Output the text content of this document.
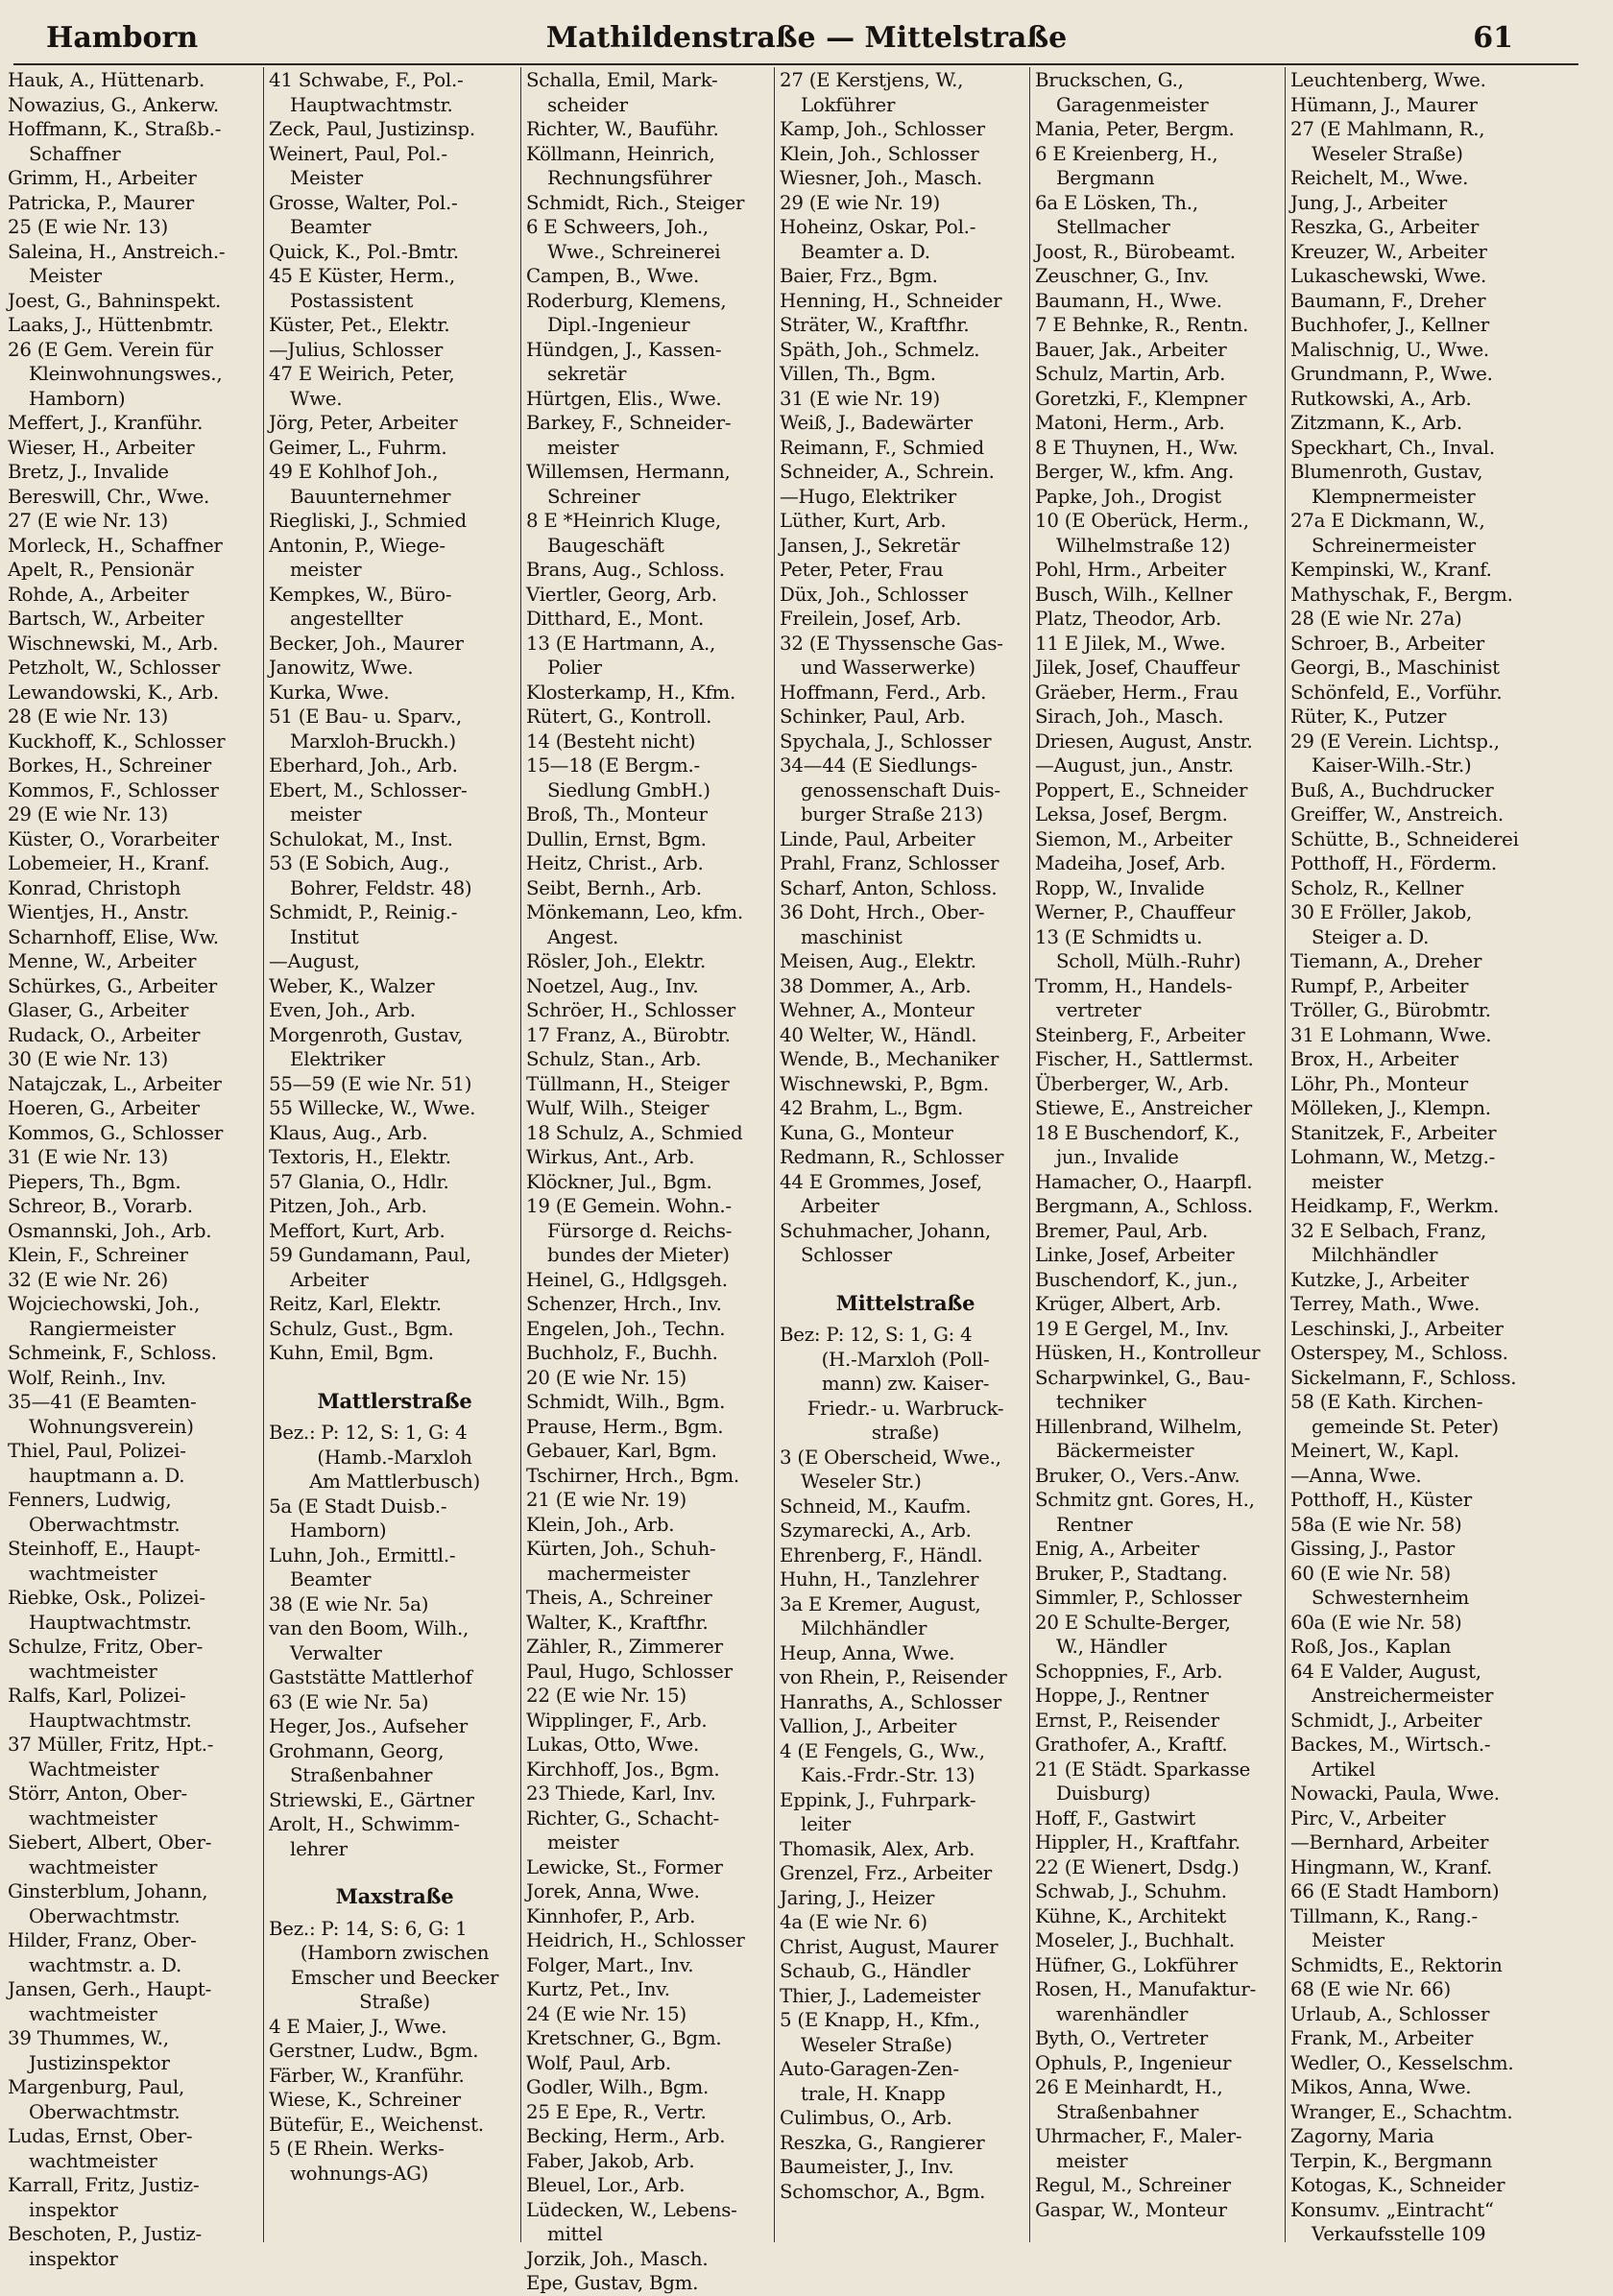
Hamborn	Mathildenstraße — Mittelstraße	61
Hauk, A., Hüttenarb.
Nowazius, G., Ankerw.
Hoffmann, K., Straßb.-
Schaffner
Grimm, H., Arbeiter
Patricka, P., Maurer
25 (E wie Nr. 13)
Saleina, H., Anstreich.-
Meister
Joest, G., Bahninspekt.
Laaks, J., Hüttenbmtr.
26 (E Gem. Verein für
Kleinwohnungswes.,
Hamborn)
Meffert, J., Kranführ.
Wieser, H., Arbeiter
Bretz, J., Invalide
Bereswill, Chr., Wwe.
27 (E wie Nr. 13)
Morleck, H., Schaffner
Apelt, R., Pensionär
Rohde, A., Arbeiter
Bartsch, W., Arbeiter
Wischnewski, M., Arb.
Petzholt, W., Schlosser
Lewandowski, K., Arb.
28 (E wie Nr. 13)
Kuckhoff, K., Schlosser
Borkes, H., Schreiner
Kommos, F., Schlosser
29 (E wie Nr. 13)
Küster, O., Vorarbeiter
Lobemeier, H., Kranf.
Konrad, Christoph
Wientjes, H., Anstr.
Scharnhoff, Elise, Ww.
Menne, W., Arbeiter
Schürkes, G., Arbeiter
Glaser, G., Arbeiter
Rudack, O., Arbeiter
30 (E wie Nr. 13)
Natajczak, L., Arbeiter
Hoeren, G., Arbeiter
Kommos, G., Schlosser
31 (E wie Nr. 13)
Piepers, Th., Bgm.
Schreor, B., Vorarb.
Osmannski, Joh., Arb.
Klein, F., Schreiner
32 (E wie Nr. 26)
Wojciechowski, Joh.,
Rangiermeister
Schmeink, F., Schloss.
Wolf, Reinh., Inv.
35—41 (E Beamten-
Wohnungsverein)
Thiel, Paul, Polizei-
hauptmann a. D.
Fenners, Ludwig,
Oberwachtmstr.
Steinhoff, E., Haupt-
wachtmeister
Riebke, Osk., Polizei-
Hauptwachtmstr.
Schulze, Fritz, Ober-
wachtmeister
Ralfs, Karl, Polizei-
Hauptwachtmstr.
37 Müller, Fritz, Hpt.-
Wachtmeister
Störr, Anton, Ober-
wachtmeister
Siebert, Albert, Ober-
wachtmeister
Ginsterblum, Johann,
Oberwachtmstr.
Hilder, Franz, Ober-
wachtmstr. a. D.
Jansen, Gerh., Haupt-
wachtmeister
39 Thummes, W.,
Justizinspektor
Margenburg, Paul,
Oberwachtmstr.
Ludas, Ernst, Ober-
wachtmeister
Karrall, Fritz, Justiz-
inspektor
Beschoten, P., Justiz-
inspektor
41 Schwabe, F., Pol.-
Hauptwachtmstr.
Zeck, Paul, Justizinsp.
Weinert, Paul, Pol.-
Meister
Grosse, Walter, Pol.-
Beamter
Quick, K., Pol.-Bmtr.
45 E Küster, Herm.,
Postassistent
Küster, Pet., Elektr.
—Julius, Schlosser
47 E Weirich, Peter,
Wwe.
Jörg, Peter, Arbeiter
Geimer, L., Fuhrm.
49 E Kohlhof Joh.,
Bauunternehmer
Riegliski, J., Schmied
Antonin, P., Wiege-
meister
Kempkes, W., Büro-
angestellter
Becker, Joh., Maurer
Janowitz, Wwe.
Kurka, Wwe.
51 (E Bau- u. Sparv.,
Marxloh-Bruckh.)
Eberhard, Joh., Arb.
Ebert, M., Schlosser-
meister
Schulokat, M., Inst.
53 (E Sobich, Aug.,
Bohrer, Feldstr. 48)
Schmidt, P., Reinig.-
Institut
—August,
Weber, K., Walzer
Even, Joh., Arb.
Morgenroth, Gustav,
Elektriker
55—59 (E wie Nr. 51)
55 Willecke, W., Wwe.
Klaus, Aug., Arb.
Textoris, H., Elektr.
57 Glania, O., Hdlr.
Pitzen, Joh., Arb.
Meffort, Kurt, Arb.
59 Gundamann, Paul,
Arbeiter
Reitz, Karl, Elektr.
Schulz, Gust., Bgm.
Kuhn, Emil, Bgm.
Mattlerstraße
Bez.: P: 12, S: 1, G: 4
(Hamb.-Marxloh
Am Mattlerbusch)
5a (E Stadt Duisb.-
Hamborn)
Luhn, Joh., Ermittl.-
Beamter
38 (E wie Nr. 5a)
van den Boom, Wilh.,
Verwalter
Gaststätte Mattlerhof
63 (E wie Nr. 5a)
Heger, Jos., Aufseher
Grohmann, Georg,
Straßenbahner
Striewski, E., Gärtner
Arolt, H., Schwimm-
lehrer
Maxstraße
Bez.: P: 14, S: 6, G: 1
(Hamborn zwischen
Emscher und Beecker
Straße)
4 E Maier, J., Wwe.
Gerstner, Ludw., Bgm.
Färber, W., Kranführ.
Wiese, K., Schreiner
Bütefür, E., Weichenst.
5 (E Rhein. Werks-
wohnungs-AG)
Schalla, Emil, Mark-
scheider
Richter, W., Bauführ.
Köllmann, Heinrich,
Rechnungsführer
Schmidt, Rich., Steiger
6 E Schweers, Joh.,
Wwe., Schreinerei
Campen, B., Wwe.
Roderburg, Klemens,
Dipl.-Ingenieur
Hündgen, J., Kassen-
sekretär
Hürtgen, Elis., Wwe.
Barkey, F., Schneider-
meister
Willemsen, Hermann,
Schreiner
8 E *Heinrich Kluge,
Baugeschäft
Brans, Aug., Schloss.
Viertler, Georg, Arb.
Ditthard, E., Mont.
13 (E Hartmann, A.,
Polier
Klosterkamp, H., Kfm.
Rütert, G., Kontroll.
14 (Besteht nicht)
15—18 (E Bergm.-
Siedlung GmbH.)
Broß, Th., Monteur
Dullin, Ernst, Bgm.
Heitz, Christ., Arb.
Seibt, Bernh., Arb.
Mönkemann, Leo, kfm.
Angest.
Rösler, Joh., Elektr.
Noetzel, Aug., Inv.
Schröer, H., Schlosser
17 Franz, A., Bürobtr.
Schulz, Stan., Arb.
Tüllmann, H., Steiger
Wulf, Wilh., Steiger
18 Schulz, A., Schmied
Wirkus, Ant., Arb.
Klöckner, Jul., Bgm.
19 (E Gemein. Wohn.-
Fürsorge d. Reichs-
bundes der Mieter)
Heinel, G., Hdlgsgeh.
Schenzer, Hrch., Inv.
Engelen, Joh., Techn.
Buchholz, F., Buchh.
20 (E wie Nr. 15)
Schmidt, Wilh., Bgm.
Prause, Herm., Bgm.
Gebauer, Karl, Bgm.
Tschirner, Hrch., Bgm.
21 (E wie Nr. 19)
Klein, Joh., Arb.
Kürten, Joh., Schuh-
machermeister
Theis, A., Schreiner
Walter, K., Kraftfhr.
Zähler, R., Zimmerer
Paul, Hugo, Schlosser
22 (E wie Nr. 15)
Wipplinger, F., Arb.
Lukas, Otto, Wwe.
Kirchhoff, Jos., Bgm.
23 Thiede, Karl, Inv.
Richter, G., Schacht-
meister
Lewicke, St., Former
Jorek, Anna, Wwe.
Kinnhofer, P., Arb.
Heidrich, H., Schlosser
Folger, Mart., Inv.
Kurtz, Pet., Inv.
24 (E wie Nr. 15)
Kretschner, G., Bgm.
Wolf, Paul, Arb.
Godler, Wilh., Bgm.
25 E Epe, R., Vertr.
Becking, Herm., Arb.
Faber, Jakob, Arb.
Bleuel, Lor., Arb.
Lüdecken, W., Lebens-
mittel
Jorzik, Joh., Masch.
Epe, Gustav, Bgm.
27 (E Kerstjens, W.,
Lokführer
Kamp, Joh., Schlosser
Klein, Joh., Schlosser
Wiesner, Joh., Masch.
29 (E wie Nr. 19)
Hoheinz, Oskar, Pol.-
Beamter a. D.
Baier, Frz., Bgm.
Henning, H., Schneider
Sträter, W., Kraftfhr.
Späth, Joh., Schmelz.
Villen, Th., Bgm.
31 (E wie Nr. 19)
Weiß, J., Badewärter
Reimann, F., Schmied
Schneider, A., Schrein.
—Hugo, Elektriker
Lüther, Kurt, Arb.
Jansen, J., Sekretär
Peter, Peter, Frau
Düx, Joh., Schlosser
Freilein, Josef, Arb.
32 (E Thyssensche Gas-
und Wasserwerke)
Hoffmann, Ferd., Arb.
Schinker, Paul, Arb.
Spychala, J., Schlosser
34—44 (E Siedlungs-
genossenschaft Duis-
burger Straße 213)
Linde, Paul, Arbeiter
Prahl, Franz, Schlosser
Scharf, Anton, Schloss.
36 Doht, Hrch., Ober-
maschinist
Meisen, Aug., Elektr.
38 Dommer, A., Arb.
Wehner, A., Monteur
40 Welter, W., Händl.
Wende, B., Mechaniker
Wischnewski, P., Bgm.
42 Brahm, L., Bgm.
Kuna, G., Monteur
Redmann, R., Schlosser
44 E Grommes, Josef,
Arbeiter
Schuhmacher, Johann,
Schlosser
Mittelstraße
Bez: P: 12, S: 1, G: 4
(H.-Marxloh (Poll-
mann) zw. Kaiser-
Friedr.- u. Warbruck-
straße)
3 (E Oberscheid, Wwe.,
Weseler Str.)
Schneid, M., Kaufm.
Szymarecki, A., Arb.
Ehrenberg, F., Händl.
Huhn, H., Tanzlehrer
3a E Kremer, August,
Milchhändler
Heup, Anna, Wwe.
von Rhein, P., Reisender
Hanraths, A., Schlosser
Vallion, J., Arbeiter
4 (E Fengels, G., Ww.,
Kais.-Frdr.-Str. 13)
Eppink, J., Fuhrpark-
leiter
Thomasik, Alex, Arb.
Grenzel, Frz., Arbeiter
Jaring, J., Heizer
4a (E wie Nr. 6)
Christ, August, Maurer
Schaub, G., Händler
Thier, J., Lademeister
5 (E Knapp, H., Kfm.,
Weseler Straße)
Auto-Garagen-Zen-
trale, H. Knapp
Culimbus, O., Arb.
Reszka, G., Rangierer
Baumeister, J., Inv.
Schomschor, A., Bgm.
Bruckschen, G.,
Garagenmeister
Mania, Peter, Bergm.
6 E Kreienberg, H.,
Bergmann
6a E Lösken, Th.,
Stellmacher
Joost, R., Bürobeamt.
Zeuschner, G., Inv.
Baumann, H., Wwe.
7 E Behnke, R., Rentn.
Bauer, Jak., Arbeiter
Schulz, Martin, Arb.
Goretzki, F., Klempner
Matoni, Herm., Arb.
8 E Thuynen, H., Ww.
Berger, W., kfm. Ang.
Papke, Joh., Drogist
10 (E Oberück, Herm.,
Wilhelmstraße 12)
Pohl, Hrm., Arbeiter
Busch, Wilh., Kellner
Platz, Theodor, Arb.
11 E Jilek, M., Wwe.
Jilek, Josef, Chauffeur
Gräeber, Herm., Frau
Sirach, Joh., Masch.
Driesen, August, Anstr.
—August, jun., Anstr.
Poppert, E., Schneider
Leksa, Josef, Bergm.
Siemon, M., Arbeiter
Madeiha, Josef, Arb.
Ropp, W., Invalide
Werner, P., Chauffeur
13 (E Schmidts u.
Scholl, Mülh.-Ruhr)
Tromm, H., Handels-
vertreter
Steinberg, F., Arbeiter
Fischer, H., Sattlermst.
Überberger, W., Arb.
Stiewe, E., Anstreicher
18 E Buschendorf, K.,
jun., Invalide
Hamacher, O., Haarpfl.
Bergmann, A., Schloss.
Bremer, Paul, Arb.
Linke, Josef, Arbeiter
Buschendorf, K., jun.,
Krüger, Albert, Arb.
19 E Gergel, M., Inv.
Hüsken, H., Kontrolleur
Scharpwinkel, G., Bau-
techniker
Hillenbrand, Wilhelm,
Bäckermeister
Bruker, O., Vers.-Anw.
Schmitz gnt. Gores, H.,
Rentner
Enig, A., Arbeiter
Bruker, P., Stadtang.
Simmler, P., Schlosser
20 E Schulte-Berger,
W., Händler
Schoppnies, F., Arb.
Hoppe, J., Rentner
Ernst, P., Reisender
Grathofer, A., Kraftf.
21 (E Städt. Sparkasse
Duisburg)
Hoff, F., Gastwirt
Hippler, H., Kraftfahr.
22 (E Wienert, Dsdg.)
Schwab, J., Schuhm.
Kühne, K., Architekt
Moseler, J., Buchhalt.
Hüfner, G., Lokführer
Rosen, H., Manufaktur-
warenhändler
Byth, O., Vertreter
Ophuls, P., Ingenieur
26 E Meinhardt, H.,
Straßenbahner
Uhrmacher, F., Maler-
meister
Regul, M., Schreiner
Gaspar, W., Monteur
Leuchtenberg, Wwe.
Hümann, J., Maurer
27 (E Mahlmann, R.,
Weseler Straße)
Reichelt, M., Wwe.
Jung, J., Arbeiter
Reszka, G., Arbeiter
Kreuzer, W., Arbeiter
Lukaschewski, Wwe.
Baumann, F., Dreher
Buchhofer, J., Kellner
Malischnig, U., Wwe.
Grundmann, P., Wwe.
Rutkowski, A., Arb.
Zitzmann, K., Arb.
Speckhart, Ch., Inval.
Blumenroth, Gustav,
Klempnermeister
27a E Dickmann, W.,
Schreinermeister
Kempinski, W., Kranf.
Mathyschak, F., Bergm.
28 (E wie Nr. 27a)
Schroer, B., Arbeiter
Georgi, B., Maschinist
Schönfeld, E., Vorführ.
Rüter, K., Putzer
29 (E Verein. Lichtsp.,
Kaiser-Wilh.-Str.)
Buß, A., Buchdrucker
Greiffer, W., Anstreich.
Schütte, B., Schneiderei
Potthoff, H., Förderm.
Scholz, R., Kellner
30 E Fröller, Jakob,
Steiger a. D.
Tiemann, A., Dreher
Rumpf, P., Arbeiter
Tröller, G., Bürobmtr.
31 E Lohmann, Wwe.
Brox, H., Arbeiter
Löhr, Ph., Monteur
Mölleken, J., Klempn.
Stanitzek, F., Arbeiter
Lohmann, W., Metzg.-
meister
Heidkamp, F., Werkm.
32 E Selbach, Franz,
Milchhändler
Kutzke, J., Arbeiter
Terrey, Math., Wwe.
Leschinski, J., Arbeiter
Osterspey, M., Schloss.
Sickelmann, F., Schloss.
58 (E Kath. Kirchen-
gemeinde St. Peter)
Meinert, W., Kapl.
—Anna, Wwe.
Potthoff, H., Küster
58a (E wie Nr. 58)
Gissing, J., Pastor
60 (E wie Nr. 58)
Schwesternheim
60a (E wie Nr. 58)
Roß, Jos., Kaplan
64 E Valder, August,
Anstreichermeister
Schmidt, J., Arbeiter
Backes, M., Wirtsch.-
Artikel
Nowacki, Paula, Wwe.
Pirc, V., Arbeiter
—Bernhard, Arbeiter
Hingmann, W., Kranf.
66 (E Stadt Hamborn)
Tillmann, K., Rang.-
Meister
Schmidts, E., Rektorin
68 (E wie Nr. 66)
Urlaub, A., Schlosser
Frank, M., Arbeiter
Wedler, O., Kesselschm.
Mikos, Anna, Wwe.
Wranger, E., Schachtm.
Zagorny, Maria
Terpin, K., Bergmann
Kotogas, K., Schneider
Konsumv. „Eintracht“
Verkaufsstelle 109
